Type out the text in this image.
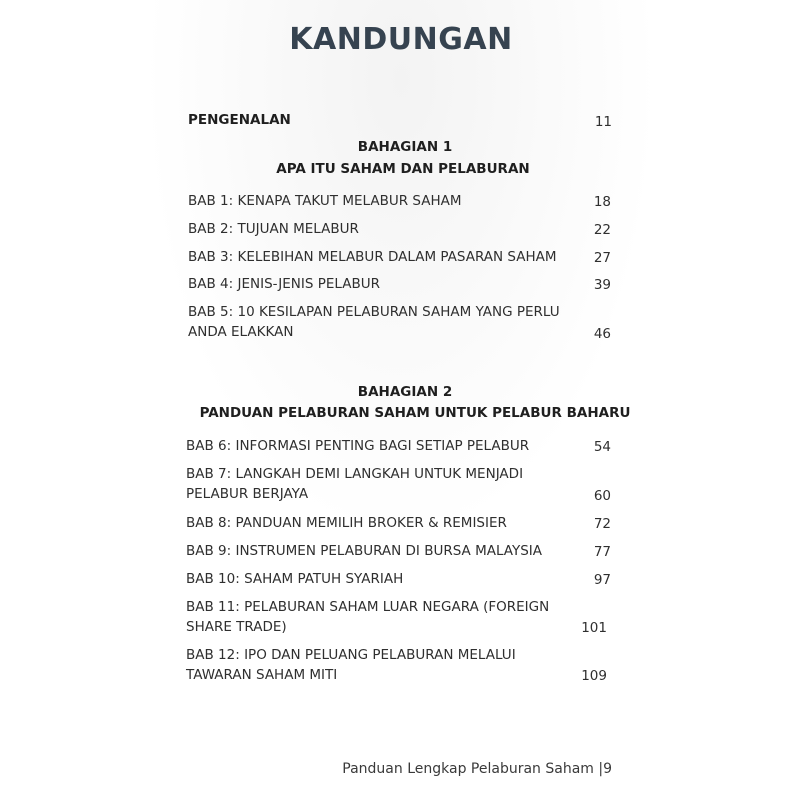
KANDUNGAN
PENGENALAN	11
BAHAGIAN 1
APA ITU SAHAM DAN PELABURAN
BAB 1: KENAPA TAKUT MELABUR SAHAM	18
BAB 2: TUJUAN MELABUR	22
BAB 3: KELEBIHAN MELABUR DALAM PASARAN SAHAM	27
BAB 4: JENIS-JENIS PELABUR	39
BAB 5: 10 KESILAPAN PELABURAN SAHAM YANG PERLU
ANDA ELAKKAN	46
BAHAGIAN 2
PANDUAN PELABURAN SAHAM UNTUK PELABUR BAHARU
BAB 6: INFORMASI PENTING BAGI SETIAP PELABUR	54
BAB 7: LANGKAH DEMI LANGKAH UNTUK MENJADI
PELABUR BERJAYA	60
BAB 8: PANDUAN MEMILIH BROKER & REMISIER	72
BAB 9: INSTRUMEN PELABURAN DI BURSA MALAYSIA	77
BAB 10: SAHAM PATUH SYARIAH	97
BAB 11: PELABURAN SAHAM LUAR NEGARA (FOREIGN
SHARE TRADE)	101
BAB 12: IPO DAN PELUANG PELABURAN MELALUI
TAWARAN SAHAM MITI	109
Panduan Lengkap Pelaburan Saham |9
